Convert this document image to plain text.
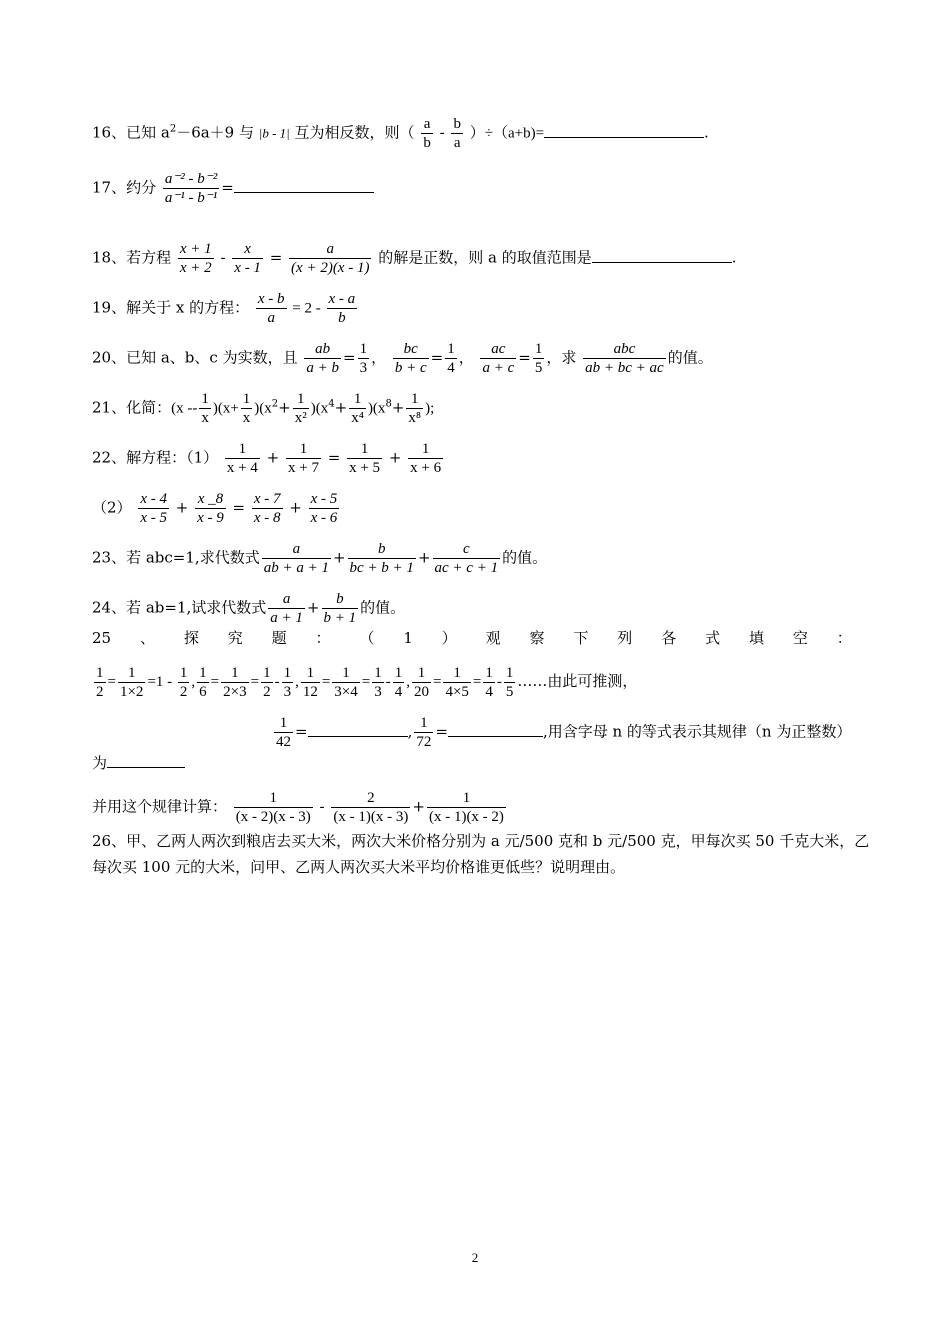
16、已知 $a^2-6a+9$ 与 |b - 1| 互为相反数，则（ $\frac{a}{b} - \frac{b}{a} )\div(a+b)=$	.
17、约分 $\frac{\text{a⁻² - b⁻²}}{\text{a⁻¹ - b⁻¹}}$ =
18、若方程 $\frac{x + 1}{x + 2} - \frac{x}{x - 1} = \frac{a}{(x + 2)(x - 1)}$ 的解是正数，则 a 的取值范围是	.
19、解关于 x 的方程： $\frac{x - b}{a} = 2 - \frac{x - a}{b}$
20、已知 a、b、c 为实数，且 $\frac{ab}{a + b} = \frac{1}{3}$ ， $\frac{bc}{b + c} = \frac{1}{4}$ ， $\frac{ac}{a + c} = \frac{1}{5}$ ，求 $\frac{\text{abc}}{ab + bc + ac}$ 的值。
21、化简：$(x -- \frac{1}{x} )(x+ \frac{1}{x} )(x^2+ \frac{1}{\text{x²}} )(x^4+ \frac{1}{\text{x⁴}} )(x^8+ \frac{1}{\text{x⁸}}$ );
22、解方程：$(1) \frac{1}{x + 4} + \frac{1}{x + 7} = \frac{1}{x + 5} + \frac{1}{x + 6}$
$(2) \frac{x - 4}{x - 5} + \frac{x \_8}{x - 9} = \frac{x - 7}{x - 8} + \frac{x - 5}{x - 6}$
23、若 abc=1,求代数式 $\frac{a}{ab + a + 1} + \frac{b}{bc + b + 1} + \frac{c}{ac + c + 1}$ 的值。
24、若 ab=1,试求代数式 $\frac{a}{a + 1} + \frac{b}{b + 1}$ 的值。
25 、 探 究 题 ： （ 1 ） 观 察 下 列 各 式 填 空 ：
$\frac{1}{2} = \frac{1}{1\times 2} =1 - \frac{1}{2}$ , $\frac{1}{6} = \frac{1}{2\times 3} = \frac{1}{2} - \frac{1}{3}$ , $\frac{1}{12} = \frac{1}{3\times 4} = \frac{1}{3} - \frac{1}{4}$ , $\frac{1}{20} = \frac{1}{4\times 5} = \frac{1}{4} - \frac{1}{5}$ ……由此可推测，
$\frac{1}{42}$ =	, $\frac{1}{72}$ =	,用含字母 n 的等式表示其规律（n 为正整数）
为
并用这个规律计算： $\frac{1}{(x - 2)(x - 3)} - \frac{2}{(x - 1)(x - 3)} + \frac{1}{(x - 1)(x - 2)}$
26、甲、乙两人两次到粮店去买大米，两次大米价格分别为 a 元/500 克和 b 元/500 克，甲每次买 50 千克大米，乙每次买 100 元的大米，问甲、乙两人两次买大米平均价格谁更低些？说明理由。
2
